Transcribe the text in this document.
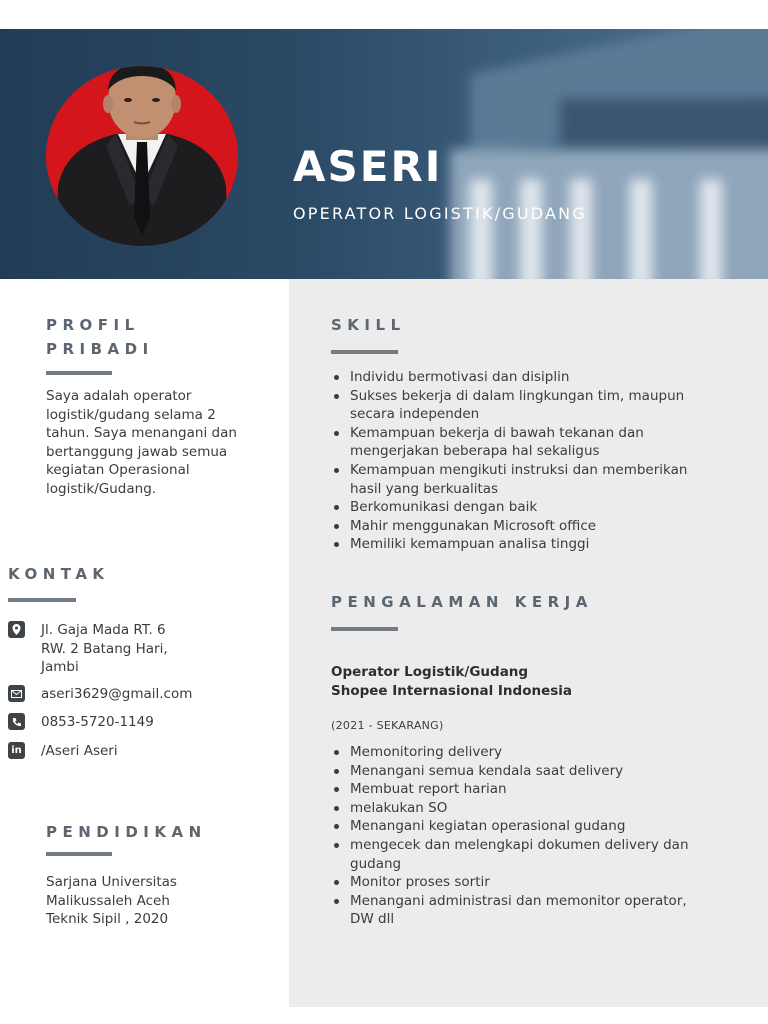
ASERI
OPERATOR LOGISTIK/GUDANG
PROFIL
PRIBADI
Saya adalah operator
logistik/gudang selama 2
tahun. Saya menangani dan
bertanggung jawab semua
kegiatan Operasional
logistik/Gudang.
KONTAK
Jl. Gaja Mada RT. 6
RW. 2 Batang Hari,
Jambi
aseri3629@gmail.com
0853-5720-1149
in /Aseri Aseri
PENDIDIKAN
Sarjana Universitas
Malikussaleh Aceh
Teknik Sipil , 2020
SKILL
Individu bermotivasi dan disiplin
Sukses bekerja di dalam lingkungan tim, maupun
secara independen
Kemampuan bekerja di bawah tekanan dan
mengerjakan beberapa hal sekaligus
Kemampuan mengikuti instruksi dan memberikan
hasil yang berkualitas
Berkomunikasi dengan baik
Mahir menggunakan Microsoft office
Memiliki kemampuan analisa tinggi
PENGALAMAN KERJA
Operator Logistik/Gudang
Shopee Internasional Indonesia
(2021 - SEKARANG)
Memonitoring delivery
Menangani semua kendala saat delivery
Membuat report harian
melakukan SO
Menangani kegiatan operasional gudang
mengecek dan melengkapi dokumen delivery dan
gudang
Monitor proses sortir
Menangani administrasi dan memonitor operator,
DW dll
